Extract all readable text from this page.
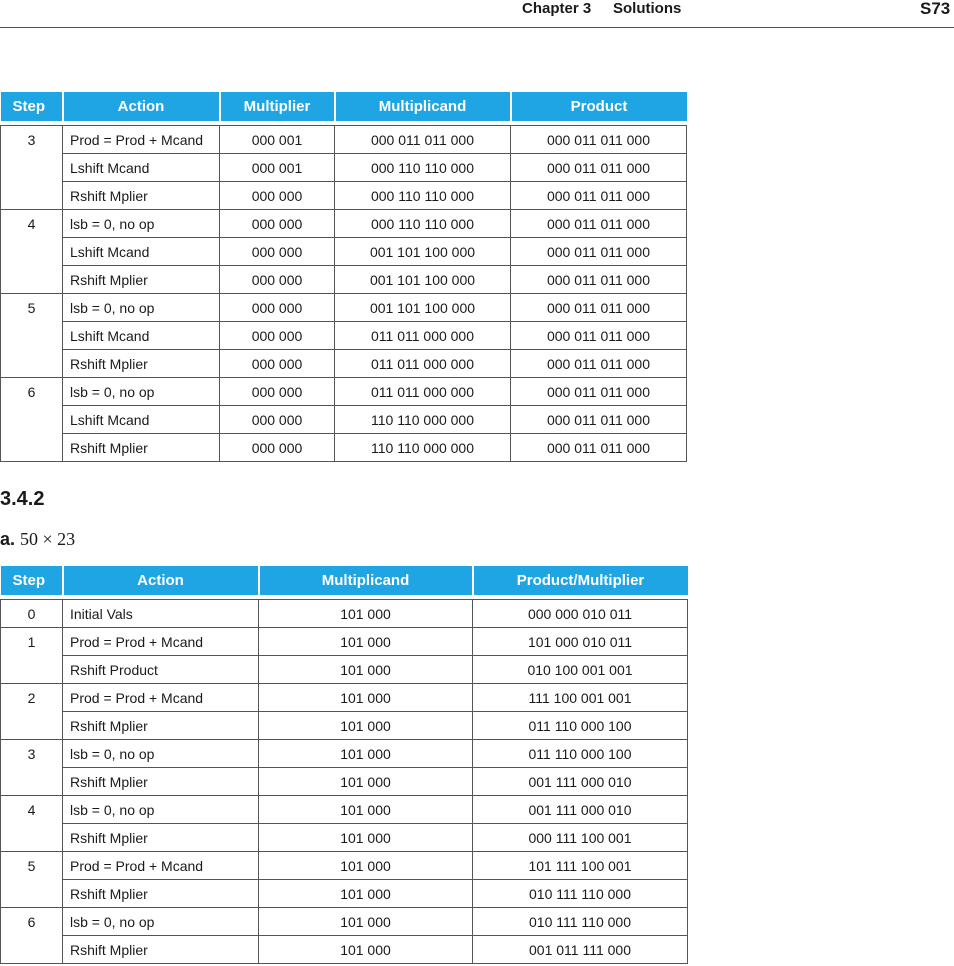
Chapter 3 Solutions	S73
Step	Action	Multiplier	Multiplicand	Product

3	Prod = Prod + Mcand	000 001	000 011 011 000	000 011 011 000
	Lshift Mcand	000 001	000 110 110 000	000 011 011 000
	Rshift Mplier	000 000	000 110 110 000	000 011 011 000
4	lsb = 0, no op	000 000	000 110 110 000	000 011 011 000
	Lshift Mcand	000 000	001 101 100 000	000 011 011 000
	Rshift Mplier	000 000	001 101 100 000	000 011 011 000
5	lsb = 0, no op	000 000	001 101 100 000	000 011 011 000
	Lshift Mcand	000 000	011 011 000 000	000 011 011 000
	Rshift Mplier	000 000	011 011 000 000	000 011 011 000
6	lsb = 0, no op	000 000	011 011 000 000	000 011 011 000
	Lshift Mcand	000 000	110 110 000 000	000 011 011 000
	Rshift Mplier	000 000	110 110 000 000	000 011 011 000
3.4.2
a. 50 × 23
Step	Action	Multiplicand	Product/Multiplier

0	Initial Vals	101 000	000 000 010 011
1	Prod = Prod + Mcand	101 000	101 000 010 011
	Rshift Product	101 000	010 100 001 001
2	Prod = Prod + Mcand	101 000	111 100 001 001
	Rshift Mplier	101 000	011 110 000 100
3	lsb = 0, no op	101 000	011 110 000 100
	Rshift Mplier	101 000	001 111 000 010
4	lsb = 0, no op	101 000	001 111 000 010
	Rshift Mplier	101 000	000 111 100 001
5	Prod = Prod + Mcand	101 000	101 111 100 001
	Rshift Mplier	101 000	010 111 110 000
6	lsb = 0, no op	101 000	010 111 110 000
	Rshift Mplier	101 000	001 011 111 000
